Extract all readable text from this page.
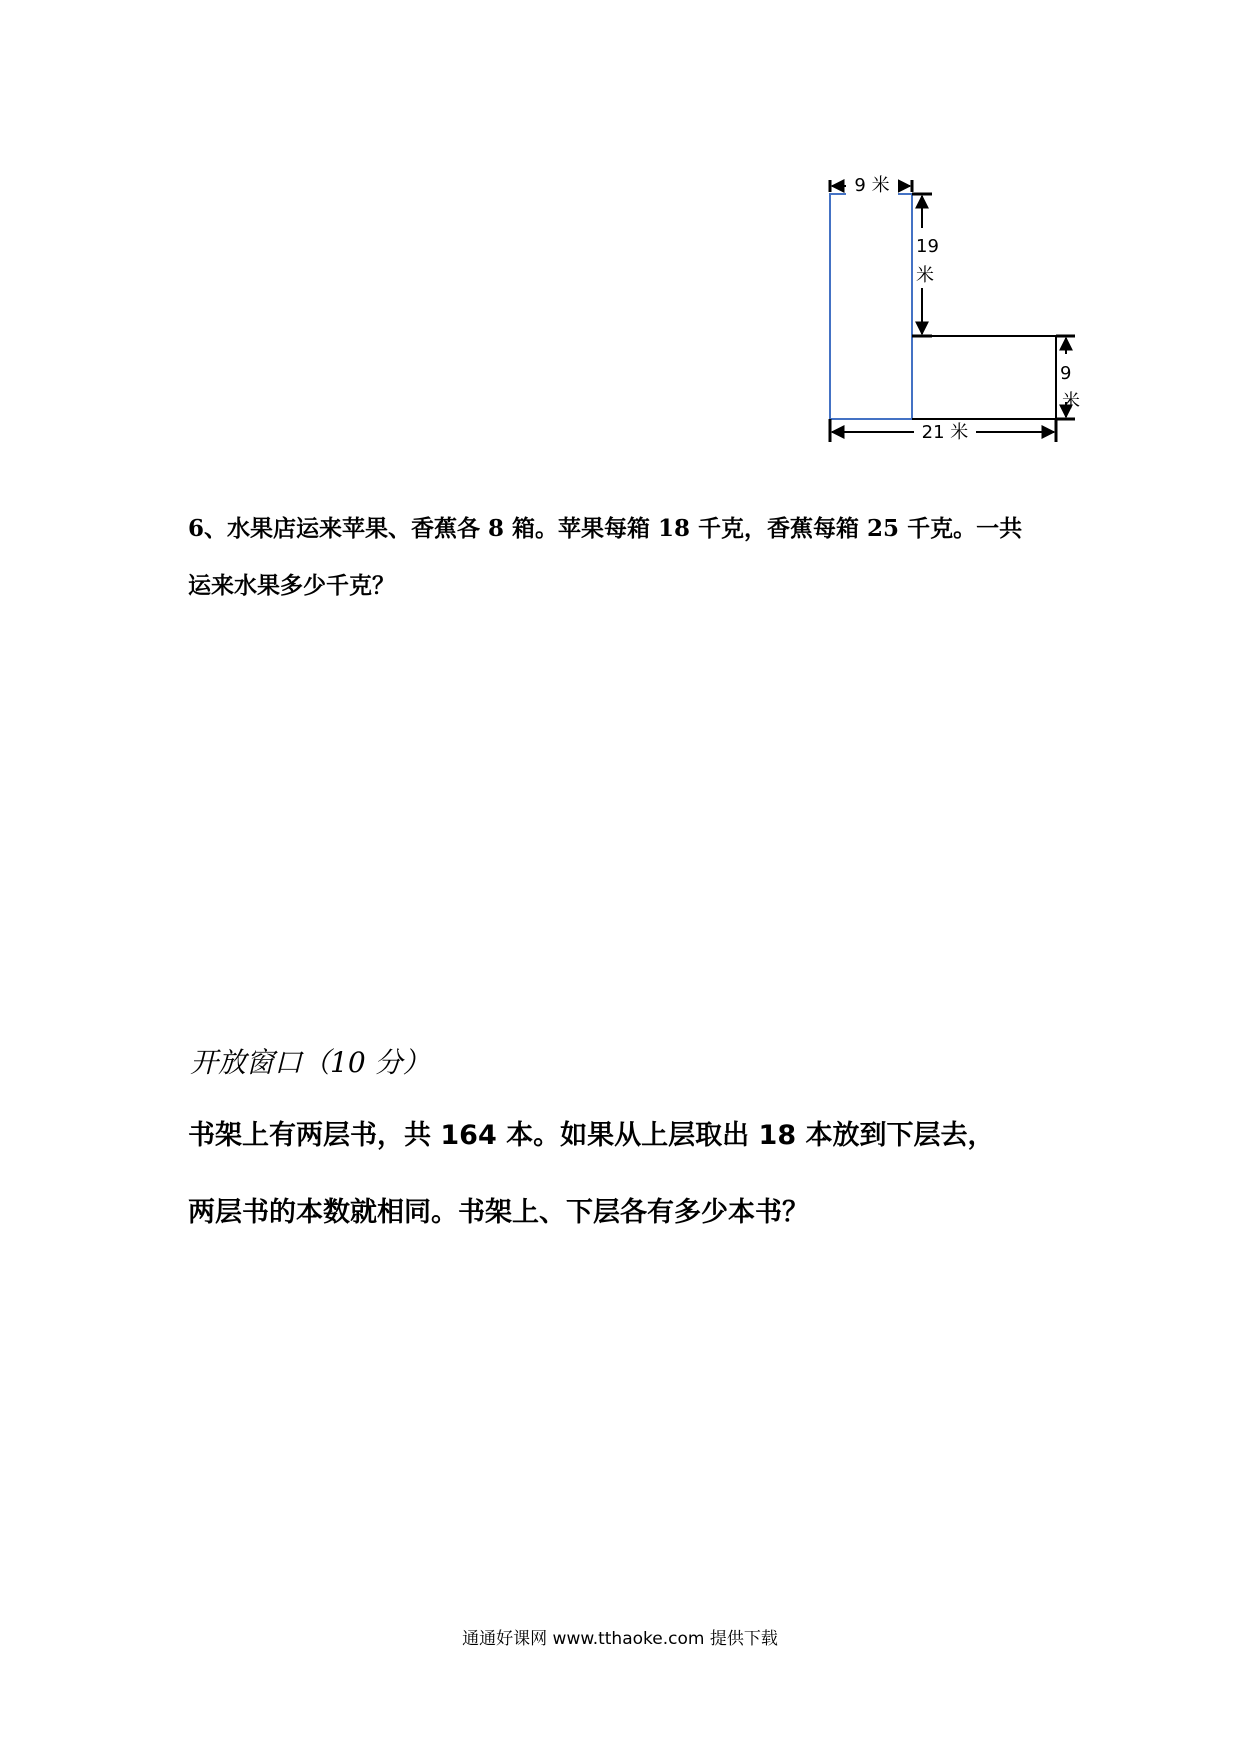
9 米
19
米
9
米
21 米

6、水果店运来苹果、香蕉各 8 箱。苹果每箱 18 千克，香蕉每箱 25 千克。一共

运来水果多少千克？

开放窗口（10 分）

书架上有两层书，共 164 本。如果从上层取出 18 本放到下层去，

两层书的本数就相同。书架上、下层各有多少本书？

通通好课网 www.tthaoke.com 提供下载
